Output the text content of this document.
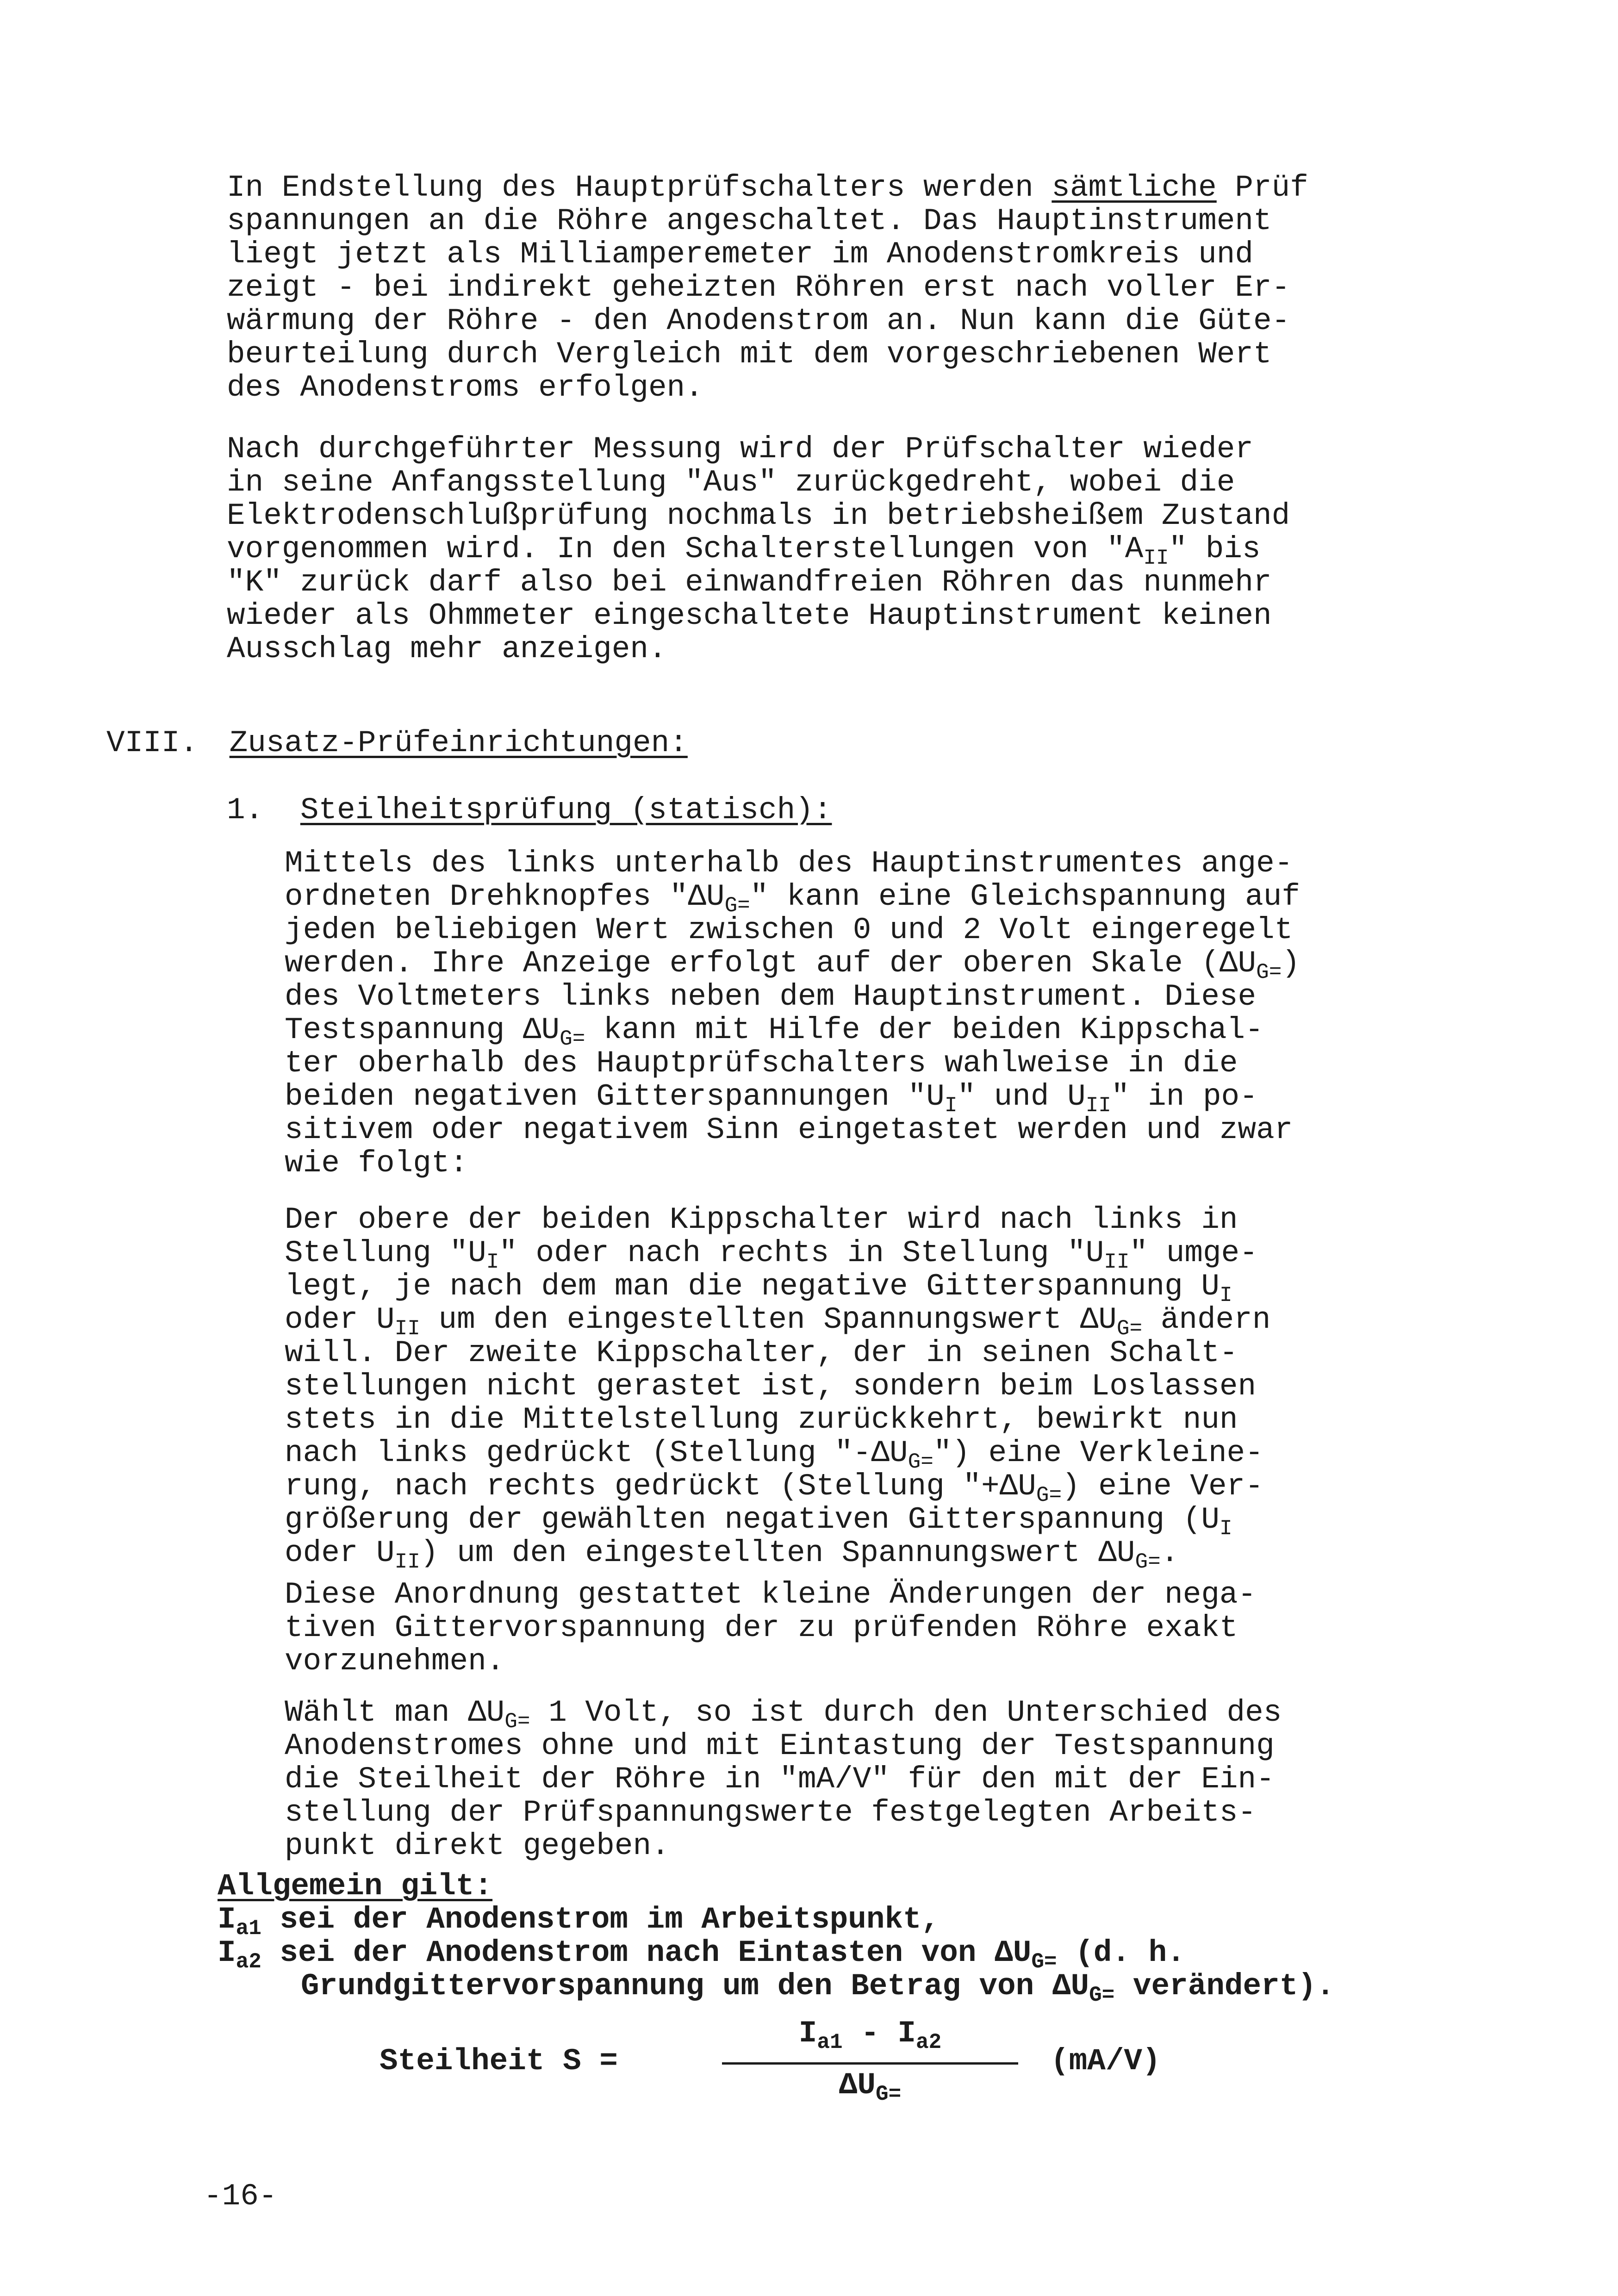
In Endstellung des Hauptprüfschalters werden sämtliche Prüf
spannungen an die Röhre angeschaltet. Das Hauptinstrument
liegt jetzt als Milliamperemeter im Anodenstromkreis und
zeigt - bei indirekt geheizten Röhren erst nach voller Er-
wärmung der Röhre - den Anodenstrom an. Nun kann die Güte-
beurteilung durch Vergleich mit dem vorgeschriebenen Wert
des Anodenstroms erfolgen.
Nach durchgeführter Messung wird der Prüfschalter wieder
in seine Anfangsstellung "Aus" zurückgedreht, wobei die
Elektrodenschlußprüfung nochmals in betriebsheißem Zustand
vorgenommen wird. In den Schalterstellungen von "$A_{II}$" bis
"K" zurück darf also bei einwandfreien Röhren das nunmehr
wieder als Ohmmeter eingeschaltete Hauptinstrument keinen
Ausschlag mehr anzeigen.
VIII. Zusatz-Prüfeinrichtungen:
1. Steilheitsprüfung (statisch):
Mittels des links unterhalb des Hauptinstrumentes ange-
ordneten Drehknopfes "$\Delta U_{G=}$" kann eine Gleichspannung auf
jeden beliebigen Wert zwischen 0 und 2 Volt eingeregelt
werden. Ihre Anzeige erfolgt auf der oberen Skale $(\Delta U_{G=})$
des Voltmeters links neben dem Hauptinstrument. Diese
Testspannung $\Delta U_{G=}$ kann mit Hilfe der beiden Kippschal-
ter oberhalb des Hauptprüfschalters wahlweise in die
beiden negativen Gitterspannungen "$U_I$" und $U_{II}$" in po-
sitivem oder negativem Sinn eingetastet werden und zwar
wie folgt:
Der obere der beiden Kippschalter wird nach links in
Stellung "$U_I$" oder nach rechts in Stellung "$U_{II}$" umge-
legt, je nach dem man die negative Gitterspannung $U_I$
oder $U_{II}$ um den eingestellten Spannungswert $\Delta U_{G=}$ ändern
will. Der zweite Kippschalter, der in seinen Schalt-
stellungen nicht gerastet ist, sondern beim Loslassen
stets in die Mittelstellung zurückkehrt, bewirkt nun
nach links gedrückt (Stellung "$-\Delta U_{G=}$") eine Verkleine-
rung, nach rechts gedrückt (Stellung "$+\Delta U_{G=}$) eine Ver-
größerung der gewählten negativen Gitterspannung ($U_I$
oder $U_{II}$) um den eingestellten Spannungswert $\Delta U_{G=}$.
Diese Anordnung gestattet kleine Änderungen der nega-
tiven Gittervorspannung der zu prüfenden Röhre exakt
vorzunehmen.
Wählt man $\Delta U_{G=}$ 1 Volt, so ist durch den Unterschied des
Anodenstromes ohne und mit Eintastung der Testspannung
die Steilheit der Röhre in "mA/V" für den mit der Ein-
stellung der Prüfspannungswerte festgelegten Arbeits-
punkt direkt gegeben.
Allgemein gilt:
$I_{a1}$ sei der Anodenstrom im Arbeitspunkt,
$I_{a2}$ sei der Anodenstrom nach Eintasten von $\Delta U_{G=}$ (d. h.
Grundgittervorspannung um den Betrag von $\Delta U_{G=}$ verändert).
Steilheit S =
$I_{a1} - I_{a2}$
$\Delta U_{G=}$
(mA/V)
-16-
